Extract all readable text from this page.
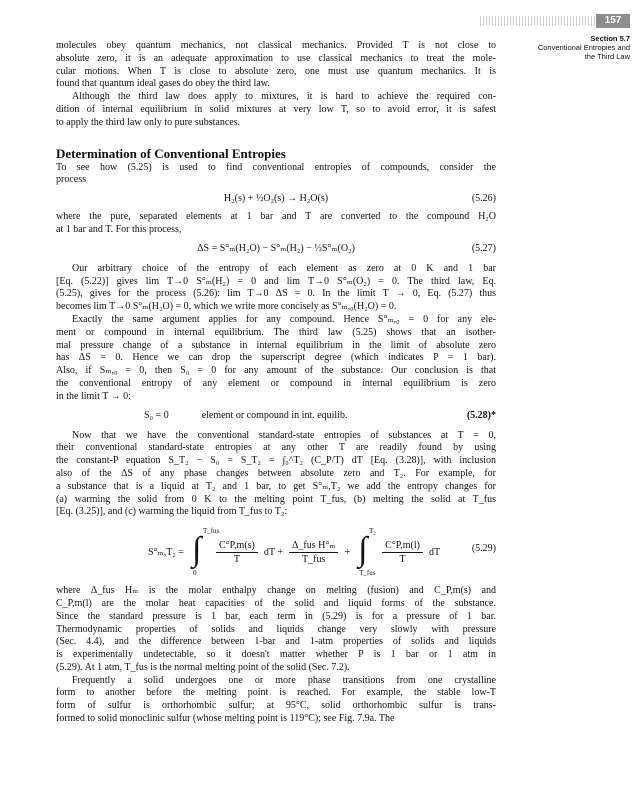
157
Section 5.7
Conventional Entropies and
the Third Law

molecules obey quantum mechanics, not classical mechanics. Provided T is not close to
absolute zero, it is an adequate approximation to use classical mechanics to treat the mole-
cular motions. When T is close to absolute zero, one must use quantum mechanics. It is
found that quantum ideal gases do obey the third law.

Although the third law does apply to mixtures, it is hard to achieve the required con-
dition of internal equilibrium in solid mixtures at very low T, so to avoid error, it is safest
to apply the third law only to pure substances.

Determination of Conventional Entropies

To see how (5.25) is used to find conventional entropies of compounds, consider the
process

H₂(s) + ½O₂(s) → H₂O(s)	(5.26)

where the pure, separated elements at 1 bar and T are converted to the compound H₂O
at 1 bar and T. For this process,

ΔS = S°ₘ(H₂O) − S°ₘ(H₂) − ½S°ₘ(O₂)	(5.27)

Our arbitrary choice of the entropy of each element as zero at 0 K and 1 bar
[Eq. (5.22)] gives lim T→0 S°ₘ(H₂) = 0 and lim T→0 S°ₘ(O₂) = 0. The third law, Eq.
(5.25), gives for the process (5.26): lim T→0 ΔS = 0. In the limit T → 0, Eq. (5.27) thus
becomes lim T→0 S°ₘ(H₂O) = 0, which we write more concisely as S°ₘ,₀(H₂O) = 0.

Exactly the same argument applies for any compound. Hence S°ₘ,₀ = 0 for any ele-
ment or compound in internal equilibrium. The third law (5.25) shows that an isother-
mal pressure change of a substance in internal equilibrium in the limit of absolute zero
has ΔS = 0. Hence we can drop the superscript degree (which indicates P = 1 bar).
Also, if Sₘ,₀ = 0, then S₀ = 0 for any amount of the substance. Our conclusion is that
the conventional entropy of any element or compound in internal equilibrium is zero
in the limit T → 0:

S₀ = 0	element or compound in int. equilib.	(5.28)*

Now that we have the conventional standard-state entropies of substances at T = 0,
their conventional standard-state entropies at any other T are readily found by using
the constant-P equation S_T₂ − S₀ = S_T₂ = ∫₀^T₂ (C_P/T) dT [Eq. (3.28)], with inclusion
also of the ΔS of any phase changes between absolute zero and T₂. For example, for
a substance that is a liquid at T₂ and 1 bar, to get S°ₘ,T₂ we add the entropy changes for
(a) warming the solid from 0 K to the melting point T_fus, (b) melting the solid at T_fus
[Eq. (3.25)], and (c) warming the liquid from T_fus to T₂:

S°ₘ,T₂ = ∫ T_fus
0
$\frac{C^\circ P,m(s)}{T}$ dT + $\frac{\text{Δ\_fus H°ₘ}}{\text{T\_fus}}$ + ∫ T₂
T_fus
$\frac{C^\circ P,m(l)}{T}$ dT	(5.29)

where Δ_fus Hₘ is the molar enthalpy change on melting (fusion) and C_P,m(s) and
C_P,m(l) are the molar heat capacities of the solid and liquid forms of the substance.
Since the standard pressure is 1 bar, each term in (5.29) is for a pressure of 1 bar.
Thermodynamic properties of solids and liquids change very slowly with pressure
(Sec. 4.4), and the difference between 1-bar and 1-atm properties of solids and liquids
is experimentally undetectable, so it doesn't matter whether P is 1 bar or 1 atm in
(5.29). At 1 atm, T_fus is the normal melting point of the solid (Sec. 7.2).

Frequently a solid undergoes one or more phase transitions from one crystalline
form to another before the melting point is reached. For example, the stable low-T
form of sulfur is orthorhombic sulfur; at 95°C, solid orthorhombic sulfur is trans-
formed to solid monoclinic sulfur (whose melting point is 119°C); see Fig. 7.9a. The
